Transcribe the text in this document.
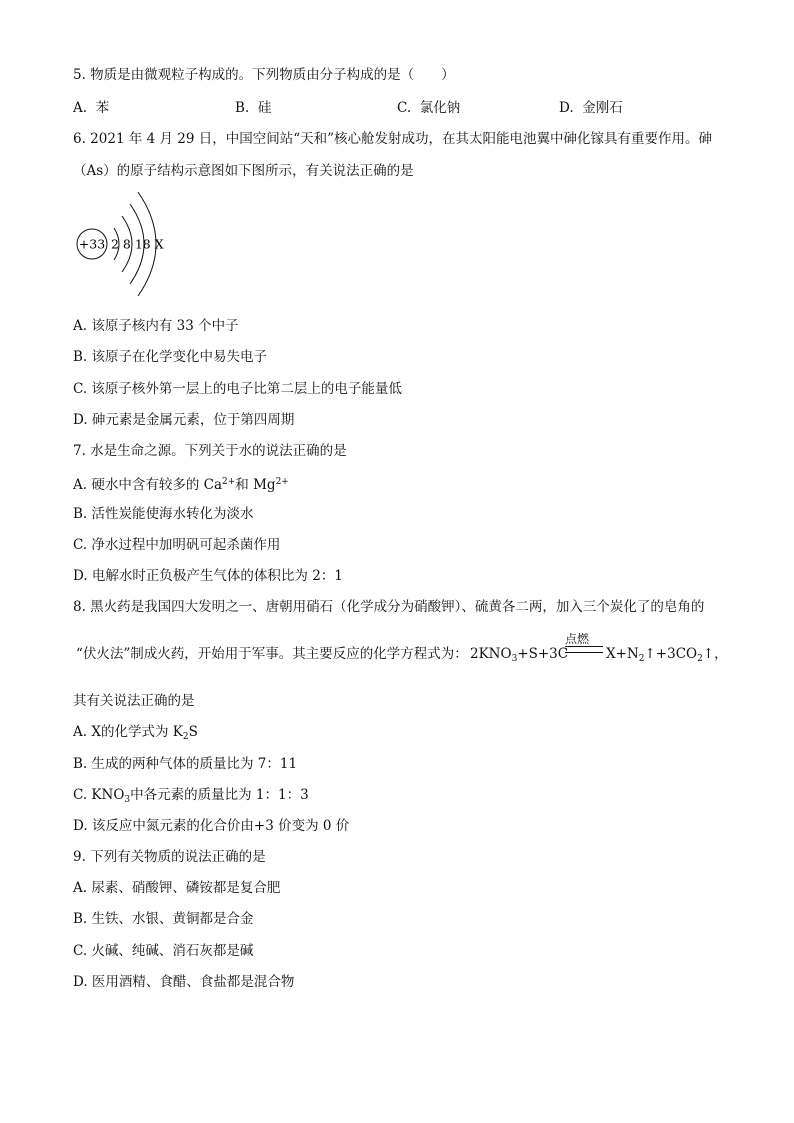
5. 物质是由微观粒子构成的。下列物质由分子构成的是（　　）
A. 苯	B. 硅	C. 氯化钠	D. 金刚石
6. 2021 年 4 月 29 日，中国空间站“天和”核心舱发射成功，在其太阳能电池翼中砷化镓具有重要作用。砷
（As）的原子结构示意图如下图所示，有关说法正确的是
+33 2 8 18 X
A. 该原子核内有 33 个中子
B. 该原子在化学变化中易失电子
C. 该原子核外第一层上的电子比第二层上的电子能量低
D. 砷元素是金属元素，位于第四周期
7. 水是生命之源。下列关于水的说法正确的是
A. 硬水中含有较多的 $Ca^{2+}$和 $Mg^{2+}$
B. 活性炭能使海水转化为淡水
C. 净水过程中加明矾可起杀菌作用
D. 电解水时正负极产生气体的体积比为 2：1
8. 黑火药是我国四大发明之一、唐朝用硝石（化学成分为硝酸钾）、硫黄各二两，加入三个炭化了的皂角的
“伏火法”制成火药，开始用于军事。其主要反应的化学方程式为： $2KNO_3+S+3C$
点燃
$X+N_2↑+3CO_2↑$，
其有关说法正确的是
A. X的化学式为 $K_2S$
B. 生成的两种气体的质量比为 7：11
C. $KNO_3$中各元素的质量比为 1：1：3
D. 该反应中氮元素的化合价由+3 价变为 0 价
9. 下列有关物质的说法正确的是
A. 尿素、硝酸钾、磷铵都是复合肥
B. 生铁、水银、黄铜都是合金
C. 火碱、纯碱、消石灰都是碱
D. 医用酒精、食醋、食盐都是混合物
